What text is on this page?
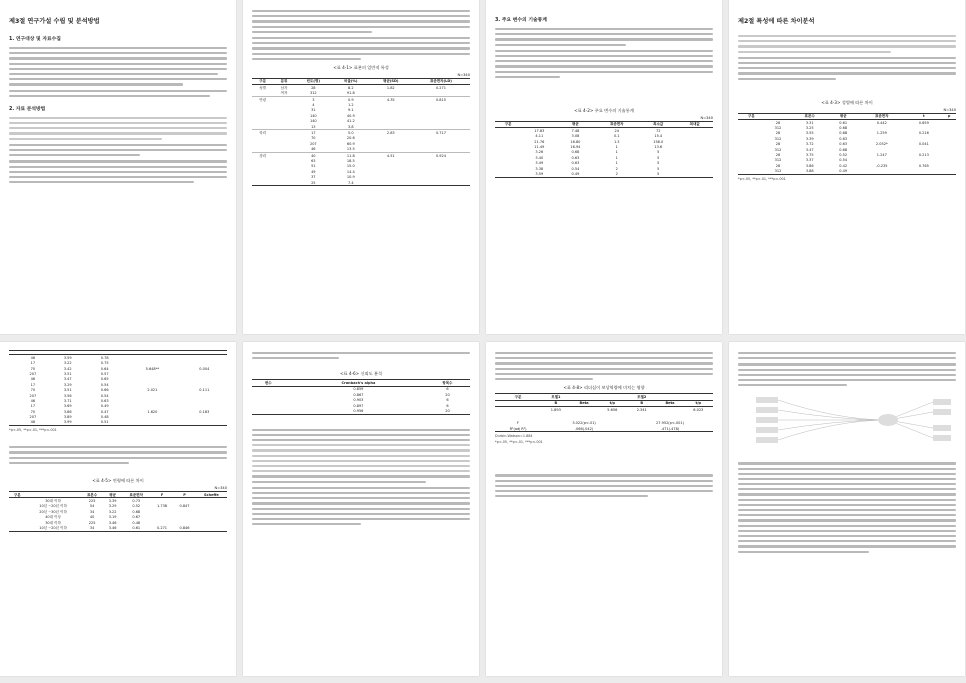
제3절 연구가설 수립 및 분석방법
1. 연구대상 및 자료수집
2. 자료 분석방법
<표 4-1> 표본의 일반적 특성
N=340
구분	분류	빈도(명)	비율(%)	평균(SD)	표준편차(LD)
성별	남자	28	8.2	1.82	0.271
	여자	312	91.8		
연령		3	0.9	4.35	0.815
		4	1.2		
		31	9.1		
		140	40.9		
		140	41.2		
		13	3.8		
학력		17	5.0	2.83	0.717
		70	20.6		
		207	60.9		
		46	13.5		
경력		40	11.8	4.51	0.924
		63	18.5		
		51	15.0		
		49	14.4		
		37	10.9		
		25	7.4		
3. 주요 변수의 기술통계
<표 4-2> 주요 변수의 기술통계
N=340
구분		평균	표준편차	최소값	최대값
	17.83	7.48	24	72	
	4.11	3.08	0.1	15.4	
	21.76	16.80	1.3	158.0	
	11.49	16.94	1	13.6	
	3.26	0.68	1	5	
	3.40	0.63	1	5	
	3.49	0.63	1	5	
	3.38	0.54	2	5	
	3.59	0.49	2	5	
제2절 특성에 따른 차이분석
<표 4-3> 성별에 따른 차이
N=340
구분		표본수	평균	표준편차	t	p
	28	3.31	0.61	0.442	0.659	
	312	3.25	0.68			
	28	3.55	0.68	1.259	0.216	
	312	3.39	0.63			
	28	3.72	0.63	2.052*	0.041	
	312	3.47	0.68			
	28	3.75	0.52	1.247	0.213	
	312	3.37	0.54			
	28	3.86	0.42	-0.235	0.765	
	312	3.88	0.49			
*p<.05, **p<.01, ***p<.001

	46	3.59	0.78		
	17	3.22	0.75		
	70	3.42	0.64	5.648**	0.004
	207	3.51	0.57		
	46	3.47	0.65		
	17	3.29	0.54		
	70	3.51	0.66	2.021	0.111
	207	3.56	0.54		
	46	3.71	0.63		
	17	3.69	0.49		
	70	3.86	0.47	1.620	0.183
	207	3.89	0.48		
	46	3.99	0.51		
*p<.05, **p<.01, ***p<.001
<표 4-5> 연령에 따른 차이
N=340
구분		표본수	평균	표준편차	F	P	Scheffe
	30대 이하	225	3.39	0.73			
	10년 ~20년 이하	54	3.29	0.52	1.738	0.847	
	20년 ~30년 이하	34	3.22	0.68			
	40대 이상	40	3.19	0.67			
	30대 이하	225	3.46	0.48			
	10년 ~20년 이하	34	3.46	0.61	0.271	0.846	
<표 4-6> 신뢰도 분석
변수		Cronbach's alpha	항목수
		0.859	6
		0.867	20
		0.903	6
		0.897	6
		0.956	20
<표 4-8> 리더십이 보상역량에 미치는 영향
구분	모델1			모델2		
	B	Beta	t/p	B	Beta	t/p
	1.893		5.656	2.341		6.023

F	3.022(p<.01)			27.952(p<.001)		
R²(adj R²)	.066(.042)			.471(.478)		
Durbin-Watson=1.884
*p<.05, **p<.01, ***p<.001
